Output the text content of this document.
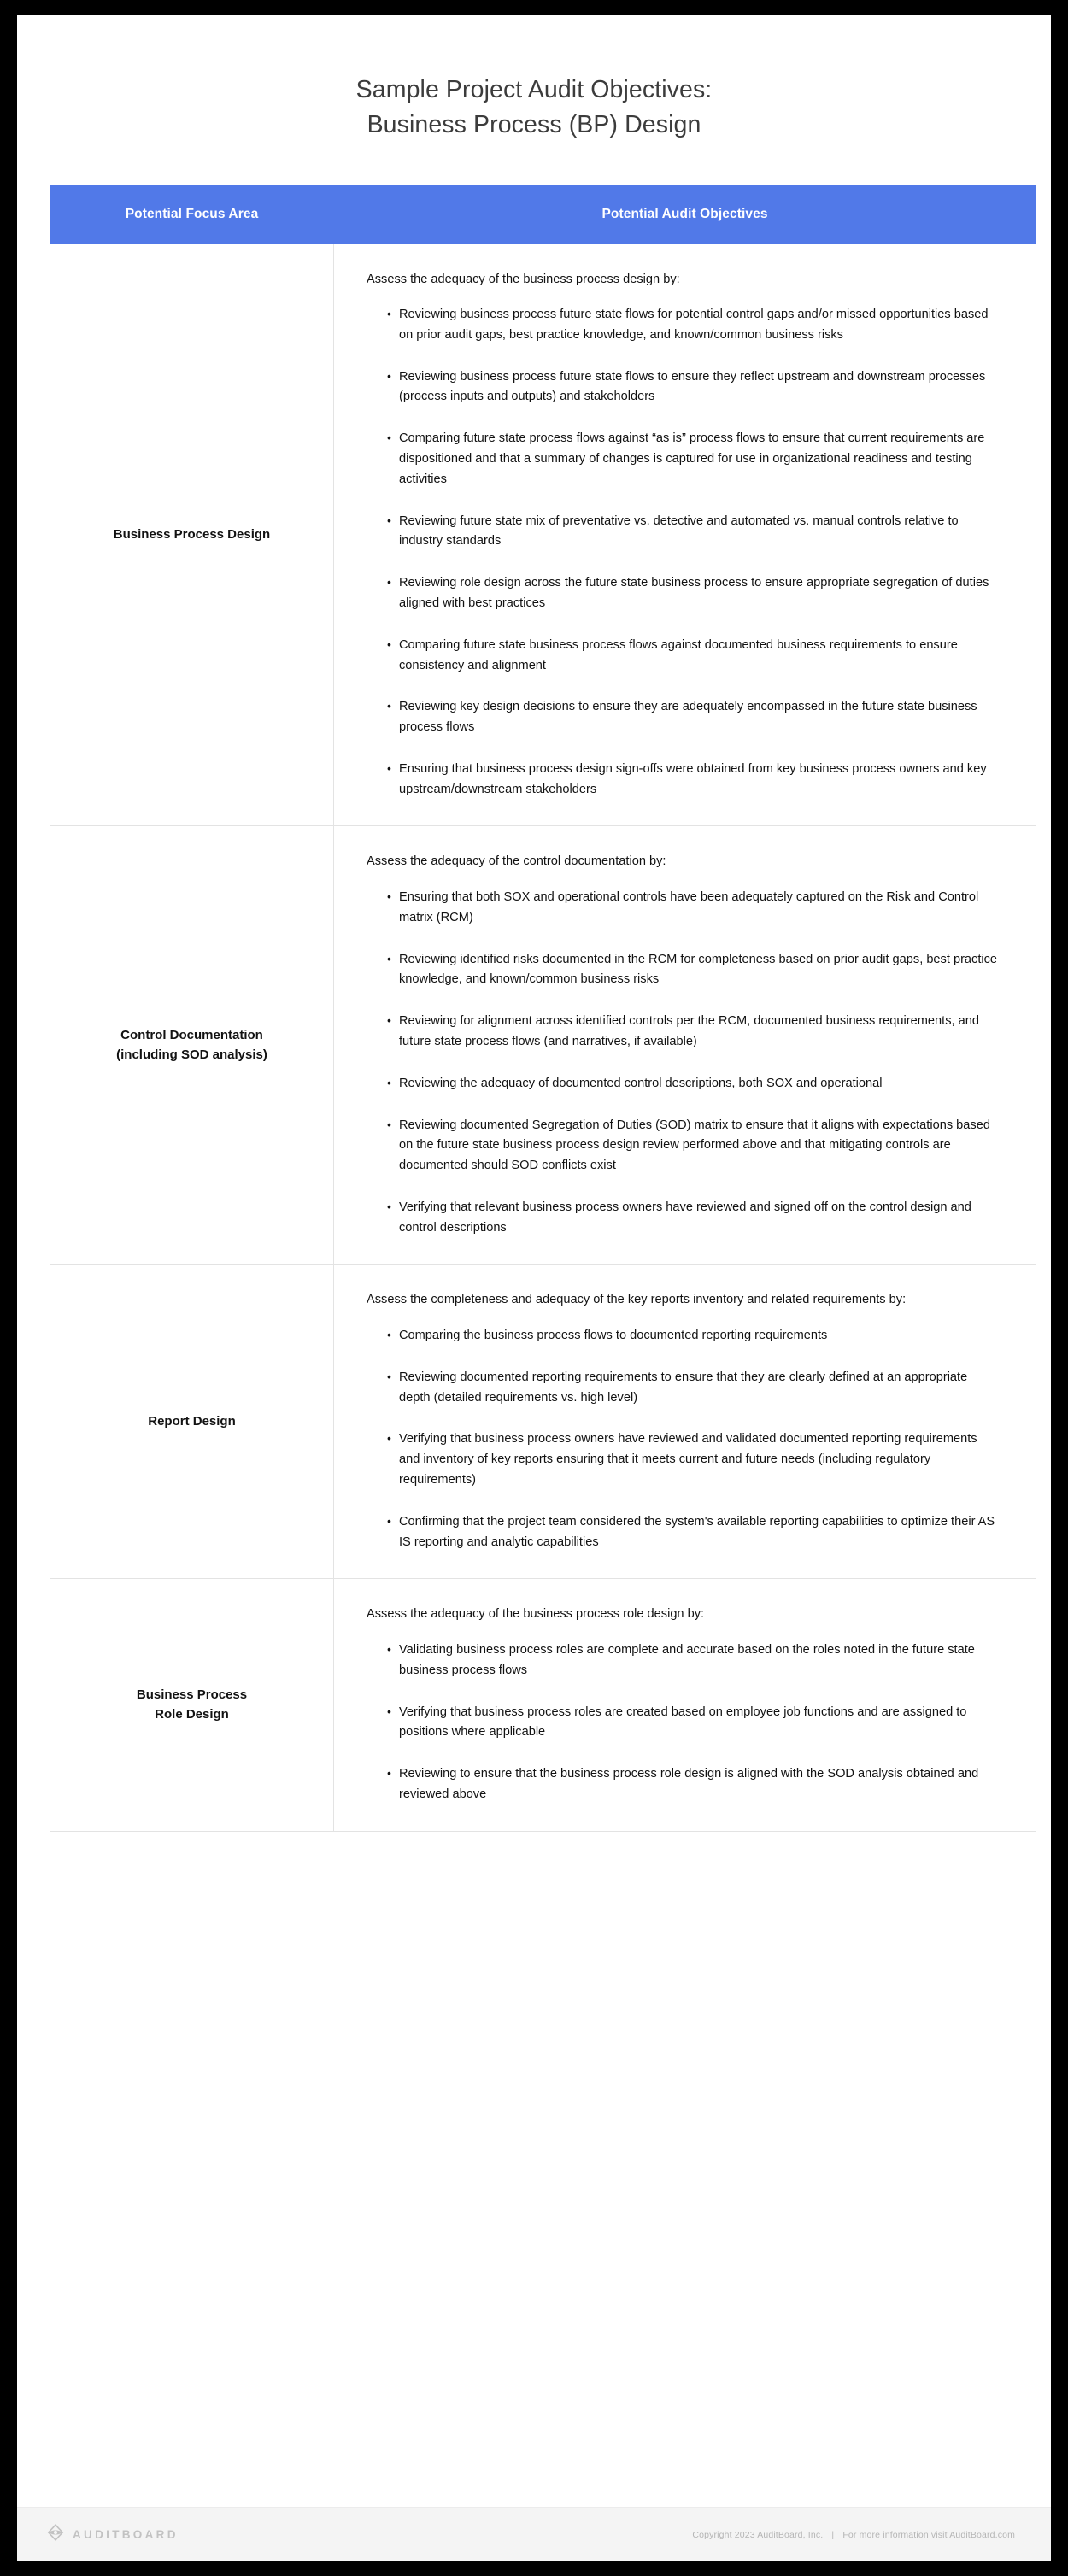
Sample Project Audit Objectives:
Business Process (BP) Design
Potential Focus Area	Potential Audit Objectives

Business Process Design

Assess the adequacy of the business process design by:

• Reviewing business process future state flows for potential control gaps and/or missed opportunities based on prior audit gaps, best practice knowledge, and known/common business risks
• Reviewing business process future state flows to ensure they reflect upstream and downstream processes (process inputs and outputs) and stakeholders
• Comparing future state process flows against “as is” process flows to ensure that current requirements are dispositioned and that a summary of changes is captured for use in organizational readiness and testing activities
• Reviewing future state mix of preventative vs. detective and automated vs. manual controls relative to industry standards
• Reviewing role design across the future state business process to ensure appropriate segregation of duties aligned with best practices
• Comparing future state business process flows against documented business requirements to ensure consistency and alignment
• Reviewing key design decisions to ensure they are adequately encompassed in the future state business process flows
• Ensuring that business process design sign-offs were obtained from key business process owners and key upstream/downstream stakeholders

Control Documentation
(including SOD analysis)

Assess the adequacy of the control documentation by:

• Ensuring that both SOX and operational controls have been adequately captured on the Risk and Control matrix (RCM)
• Reviewing identified risks documented in the RCM for completeness based on prior audit gaps, best practice knowledge, and known/common business risks
• Reviewing for alignment across identified controls per the RCM, documented business requirements, and future state process flows (and narratives, if available)
• Reviewing the adequacy of documented control descriptions, both SOX and operational
• Reviewing documented Segregation of Duties (SOD) matrix to ensure that it aligns with expectations based on the future state business process design review performed above and that mitigating controls are documented should SOD conflicts exist
• Verifying that relevant business process owners have reviewed and signed off on the control design and control descriptions

Report Design

Assess the completeness and adequacy of the key reports inventory and related requirements by:

• Comparing the business process flows to documented reporting requirements
• Reviewing documented reporting requirements to ensure that they are clearly defined at an appropriate depth (detailed requirements vs. high level)
• Verifying that business process owners have reviewed and validated documented reporting requirements and inventory of key reports ensuring that it meets current and future needs (including regulatory requirements)
• Confirming that the project team considered the system's available reporting capabilities to optimize their AS IS reporting and analytic capabilities

Business Process
Role Design

Assess the adequacy of the business process role design by:

• Validating business process roles are complete and accurate based on the roles noted in the future state business process flows
• Verifying that business process roles are created based on employee job functions and are assigned to positions where applicable
• Reviewing to ensure that the business process role design is aligned with the SOD analysis obtained and reviewed above
AUDITBOARD	Copyright 2023 AuditBoard, Inc. | For more information visit AuditBoard.com
